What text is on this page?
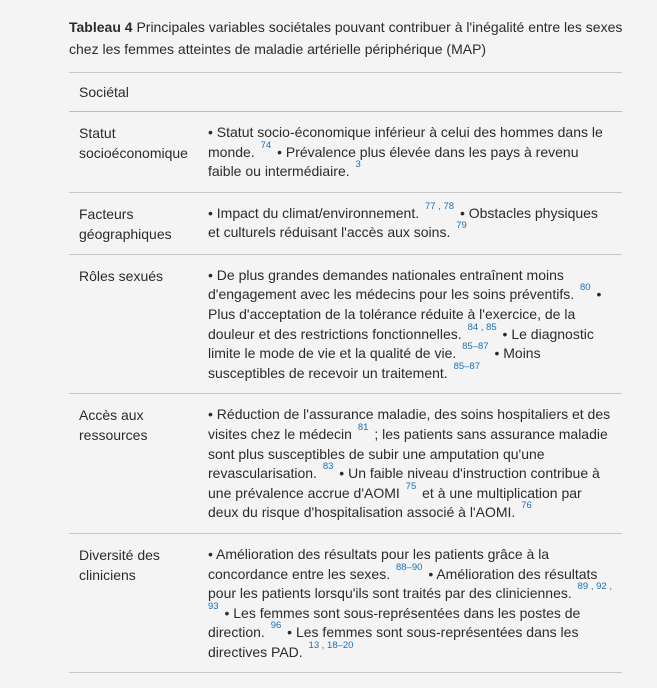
Tableau 4 Principales variables sociétales pouvant contribuer à l'inégalité entre les sexes chez les femmes atteintes de maladie artérielle périphérique (MAP)
Sociétal
Statut socioéconomique
• Statut socio-économique inférieur à celui des hommes dans le monde. $^{74}$ • Prévalence plus élevée dans les pays à revenu faible ou intermédiaire. $^3$
Facteurs géographiques
• Impact du climat/environnement. $^{77 , 78}$ • Obstacles physiques et culturels réduisant l'accès aux soins. $^{79}$
Rôles sexués	• De plus grandes demandes nationales entraînent moins d'engagement avec les médecins pour les soins préventifs. $^{80}$ • Plus d'acceptation de la tolérance réduite à l'exercice, de la douleur et des restrictions fonctionnelles. $^{84 , 85}$ • Le diagnostic limite le mode de vie et la qualité de vie. $^{85-87}$ • Moins susceptibles de recevoir un traitement. $^{85-87}$
Accès aux ressources
• Réduction de l'assurance maladie, des soins hospitaliers et des visites chez le médecin $^{81}$ ; les patients sans assurance maladie sont plus susceptibles de subir une amputation qu'une revascularisation. $^{83}$ • Un faible niveau d'instruction contribue à une prévalence accrue d'AOMI $^{75}$ et à une multiplication par deux du risque d'hospitalisation associé à l'AOMI. $^{76}$
Diversité des cliniciens
• Amélioration des résultats pour les patients grâce à la concordance entre les sexes. $^{88-90}$ • Amélioration des résultats pour les patients lorsqu'ils sont traités par des cliniciennes. $^{89 , 92 , 93}$ • Les femmes sont sous-représentées dans les postes de direction. $^{96}$ • Les femmes sont sous-représentées dans les directives PAD. $^{13 , 18-20}$
